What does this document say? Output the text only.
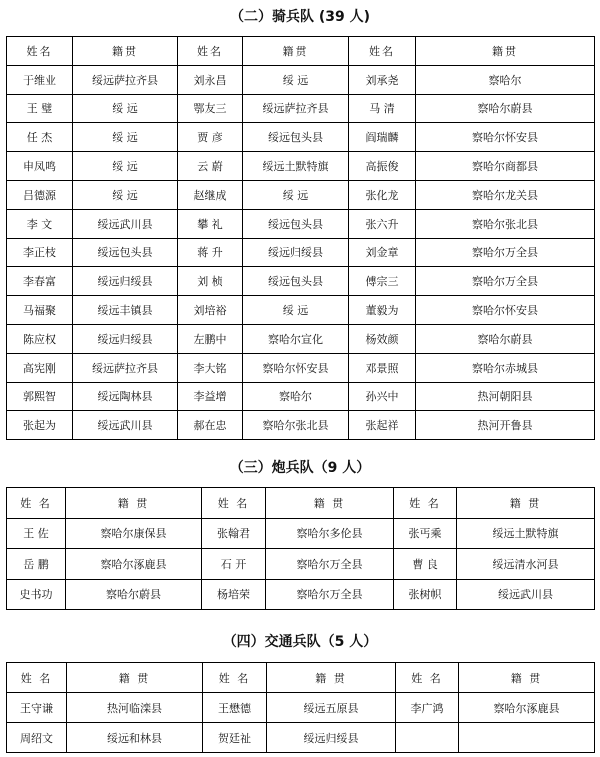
（二）骑兵队 (39 人)
姓名	籍贯	姓名	籍贯	姓名	籍贯
于维业	绥远萨拉齐县	刘永昌	绥 远	刘承尧	察哈尔
王 璧	绥 远	鄂友三	绥远萨拉齐县	马 清	察哈尔蔚县
任 杰	绥 远	贾 彦	绥远包头县	阎瑞麟	察哈尔怀安县
申凤鸣	绥 远	云 蔚	绥远土默特旗	高振俊	察哈尔商都县
吕德源	绥 远	赵继成	绥 远	张化龙	察哈尔龙关县
李 文	绥远武川县	攀 礼	绥远包头县	张六升	察哈尔张北县
李正枝	绥远包头县	蒋 升	绥远归绥县	刘金章	察哈尔万全县
李春富	绥远归绥县	刘 桢	绥远包头县	傅宗三	察哈尔万全县
马福聚	绥远丰镇县	刘培裕	绥 远	董毅为	察哈尔怀安县
陈应权	绥远归绥县	左鹏中	察哈尔宣化	杨效颜	察哈尔蔚县
高宪刚	绥远萨拉齐县	李大铭	察哈尔怀安县	邓景照	察哈尔赤城县
郭熙智	绥远陶林县	李益增	察哈尔	孙兴中	热河朝阳县
张起为	绥远武川县	郝在忠	察哈尔张北县	张起祥	热河开鲁县
（三）炮兵队（9 人）
姓 名	籍 贯	姓 名	籍 贯	姓 名	籍 贯
王 佐	察哈尔康保县	张翰君	察哈尔多伦县	张丐乘	绥远土默特旗
岳 鹏	察哈尔涿鹿县	石 开	察哈尔万全县	曹 良	绥远清水河县
史书功	察哈尔蔚县	杨培荣	察哈尔万全县	张树帜	绥远武川县
（四）交通兵队（5 人）
姓 名	籍 贯	姓 名	籍 贯	姓 名	籍 贯
王守谦	热河临滦县	王懋德	绥远五原县	李广鸿	察哈尔涿鹿县
周绍文	绥远和林县	贺廷祉	绥远归绥县		
